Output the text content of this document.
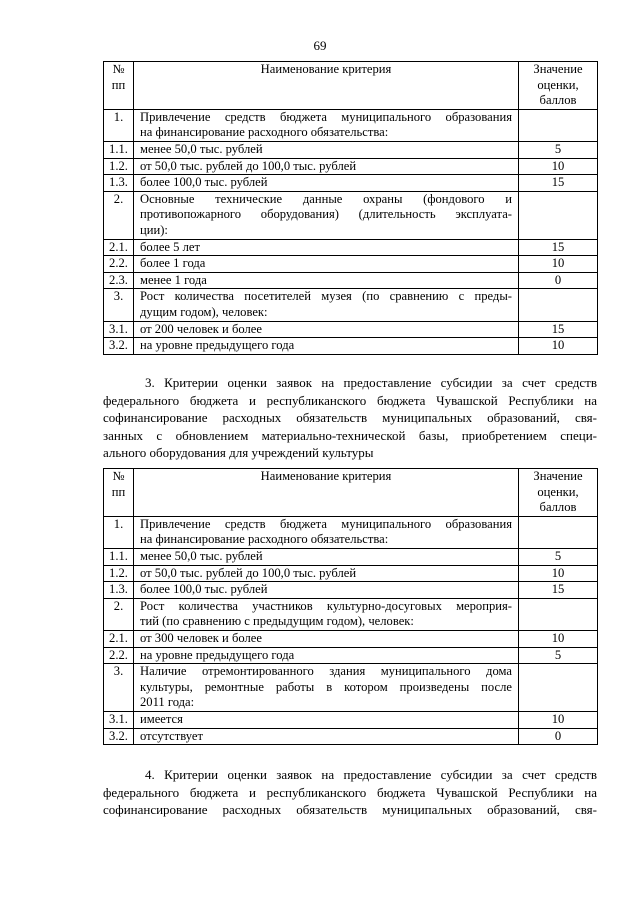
69
№
пп	Наименование критерия	Значение
оценки,
баллов
1.	Привлечение средств бюджета муниципального образования
на финансирование расходного обязательства:	

1.1.	менее 50,0 тыс. рублей	5
1.2.	от 50,0 тыс. рублей до 100,0 тыс. рублей	10
1.3.	более 100,0 тыс. рублей	15
2.	Основные технические данные охраны (фондового и
противопожарного оборудования) (длительность эксплуата-
ции):	

2.1.	более 5 лет	15
2.2.	более 1 года	10
2.3.	менее 1 года	0
3.	Рост количества посетителей музея (по сравнению с преды-
дущим годом), человек:	

3.1.	от 200 человек и более	15
3.2.	на уровне предыдущего года	10
3. Критерии оценки заявок на предоставление субсидии за счет средств
федерального бюджета и республиканского бюджета Чувашской Республики на
софинансирование расходных обязательств муниципальных образований, свя-
занных с обновлением материально-технической базы, приобретением специ-
ального оборудования для учреждений культуры
№
пп	Наименование критерия	Значение
оценки,
баллов
1.	Привлечение средств бюджета муниципального образования
на финансирование расходного обязательства:	

1.1.	менее 50,0 тыс. рублей	5
1.2.	от 50,0 тыс. рублей до 100,0 тыс. рублей	10
1.3.	более 100,0 тыс. рублей	15
2.	Рост количества участников культурно-досуговых мероприя-
тий (по сравнению с предыдущим годом), человек:	

2.1.	от 300 человек и более	10
2.2.	на уровне предыдущего года	5
3.	Наличие отремонтированного здания муниципального дома
культуры, ремонтные работы в котором произведены после
2011 года:	

3.1.	имеется	10
3.2.	отсутствует	0
4. Критерии оценки заявок на предоставление субсидии за счет средств
федерального бюджета и республиканского бюджета Чувашской Республики на
софинансирование расходных обязательств муниципальных образований, свя-
